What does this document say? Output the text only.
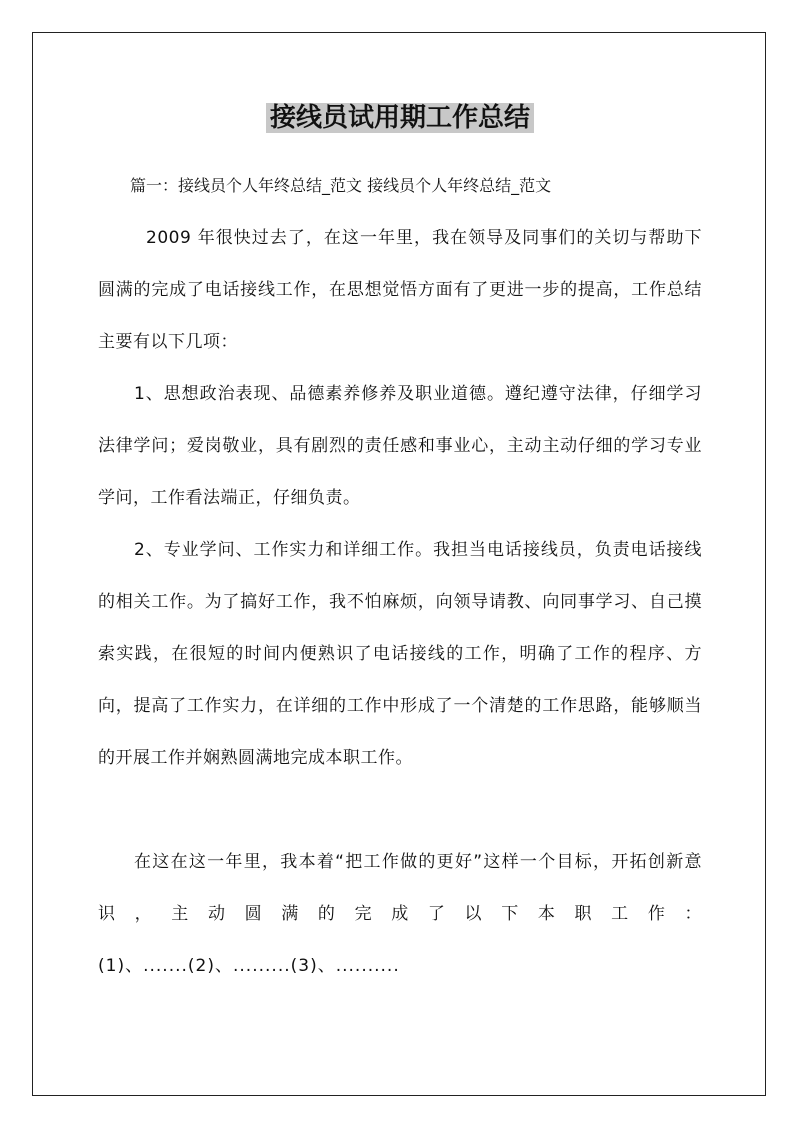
接线员试用期工作总结
篇一：接线员个人年终总结_范文 接线员个人年终总结_范文
2009 年很快过去了，在这一年里，我在领导及同事们的关切与帮助下圆满的完成了电话接线工作，在思想觉悟方面有了更进一步的提高，工作总结主要有以下几项：
1、思想政治表现、品德素养修养及职业道德。遵纪遵守法律，仔细学习法律学问；爱岗敬业，具有剧烈的责任感和事业心，主动主动仔细的学习专业学问，工作看法端正，仔细负责。
2、专业学问、工作实力和详细工作。我担当电话接线员，负责电话接线的相关工作。为了搞好工作，我不怕麻烦，向领导请教、向同事学习、自己摸索实践，在很短的时间内便熟识了电话接线的工作，明确了工作的程序、方向，提高了工作实力，在详细的工作中形成了一个清楚的工作思路，能够顺当的开展工作并娴熟圆满地完成本职工作。
在这在这一年里，我本着“把工作做的更好”这样一个目标，开拓创新意识，主动圆满的完成了以下本职工作：
(1)、.......(2)、.........(3)、..........
